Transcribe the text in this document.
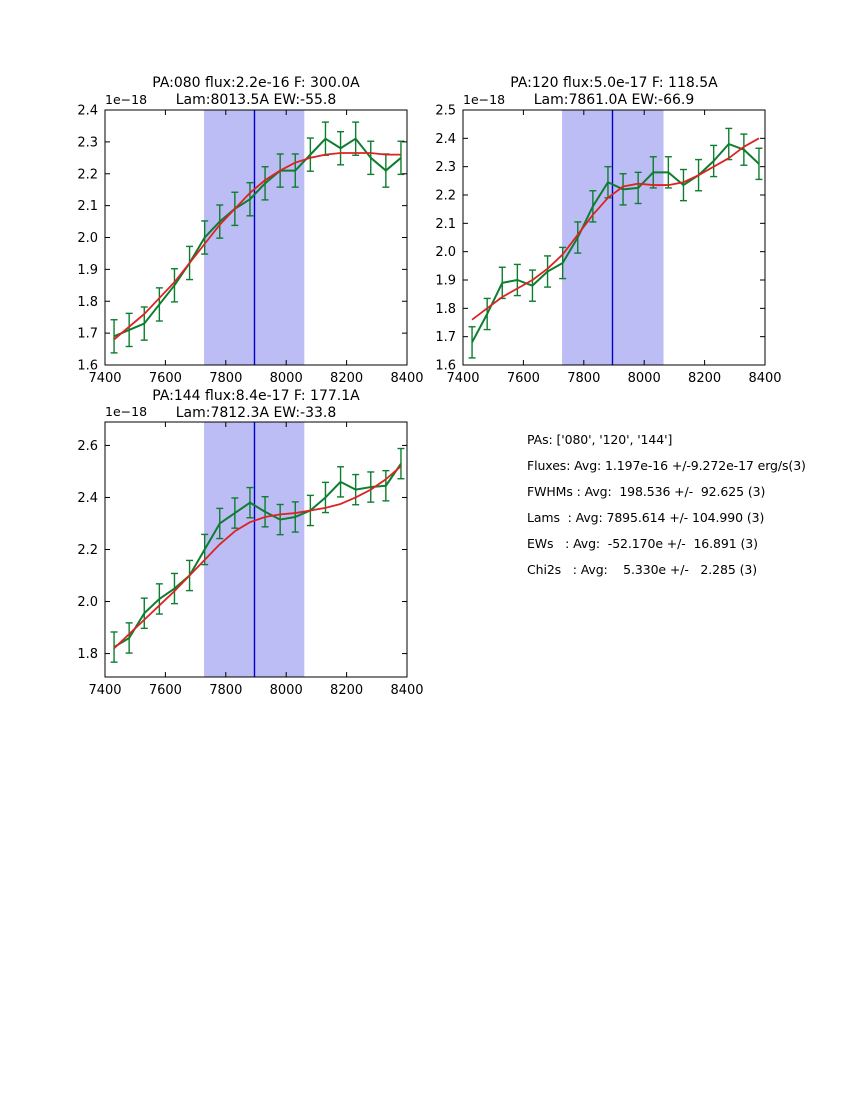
7400 7600 7800 8000 8200 8400
1.6
1.7
1.8
1.9
2.0
2.1
2.2
2.3
2.4
PA:080 flux:2.2e-16 F: 300.0A
Lam:8013.5A EW:-55.8
1e−18
7400 7600 7800 8000 8200 8400
1.6
1.7
1.8
1.9
2.0
2.1
2.2
2.3
2.4
2.5
PA:120 flux:5.0e-17 F: 118.5A
Lam:7861.0A EW:-66.9
1e−18
7400 7600 7800 8000 8200 8400
1.8
2.0
2.2
2.4
2.6
PA:144 flux:8.4e-17 F: 177.1A
Lam:7812.3A EW:-33.8
1e−18
PAs: ['080', '120', '144']
Fluxes: Avg: 1.197e-16 +/-9.272e-17 erg/s(3)
FWHMs : Avg:  198.536 +/-  92.625 (3)
Lams  : Avg: 7895.614 +/- 104.990 (3)
EWs   : Avg:  -52.170e +/-  16.891 (3)
Chi2s   : Avg:    5.330e +/-   2.285 (3)
